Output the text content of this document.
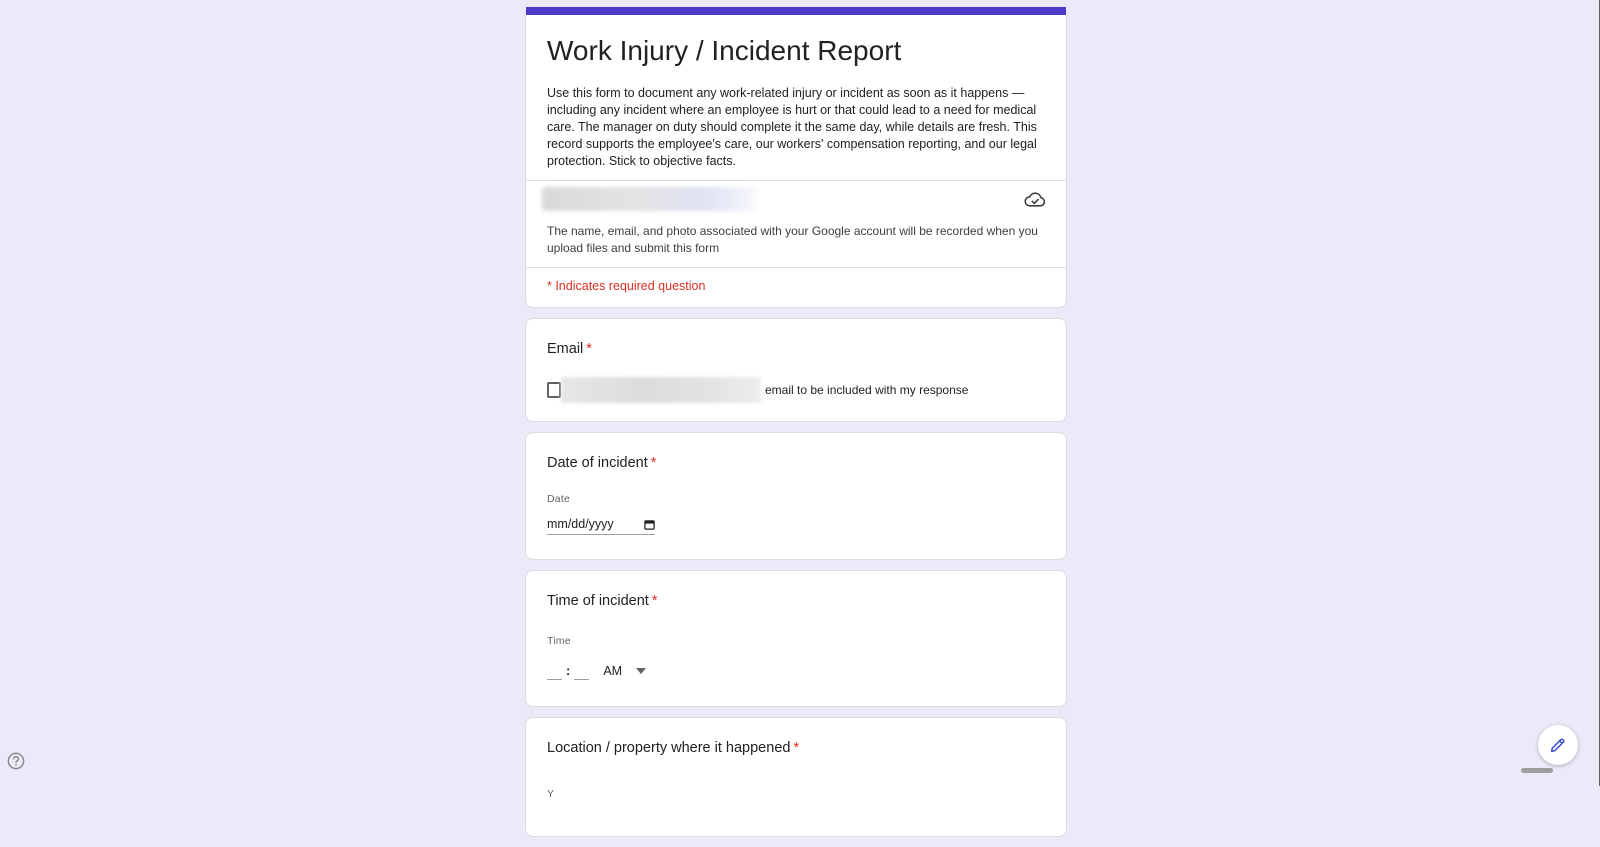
Work Injury / Incident Report

Use this form to document any work-related injury or incident as soon as it happens — including any incident where an employee is hurt or that could lead to a need for medical care. The manager on duty should complete it the same day, while details are fresh. This record supports the employee's care, our workers' compensation reporting, and our legal protection. Stick to objective facts.

The name, email, and photo associated with your Google account will be recorded when you upload files and submit this form

* Indicates required question

Email *

email to be included with my response

Date of incident *

Date
mm/dd/yyyy

Time of incident *

Time
:	AM

Location / property where it happened *

Y
